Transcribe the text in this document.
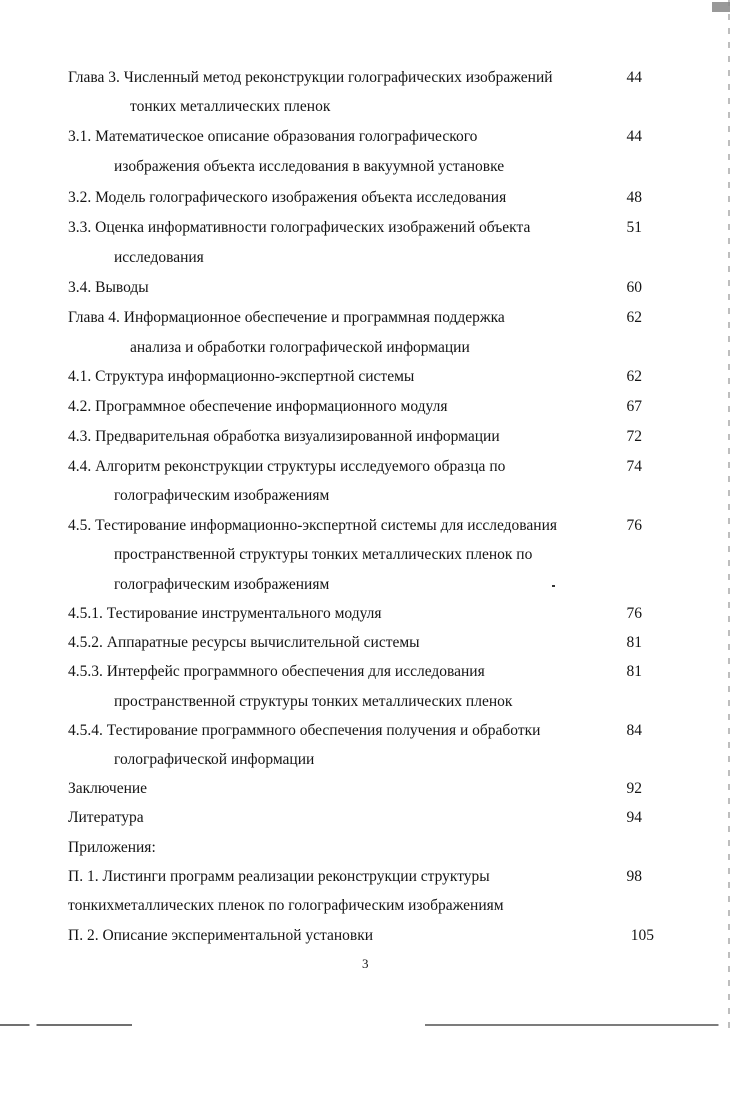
Глава 3. Численный метод реконструкции голографических изображений	44
тонких металлических пленок
3.1. Математическое описание образования голографического	44
изображения объекта исследования в вакуумной установке
3.2. Модель голографического изображения объекта исследования	48
3.3. Оценка информативности голографических изображений объекта	51
исследования
3.4. Выводы	60
Глава 4. Информационное обеспечение и программная поддержка	62
анализа и обработки голографической информации
4.1. Структура информационно-экспертной системы	62
4.2. Программное обеспечение информационного модуля	67
4.3. Предварительная обработка визуализированной информации	72
4.4. Алгоритм реконструкции структуры исследуемого образца по	74
голографическим изображениям
4.5. Тестирование информационно-экспертной системы для исследования	76
пространственной структуры тонких металлических пленок по
голографическим изображениям
4.5.1. Тестирование инструментального модуля	76
4.5.2. Аппаратные ресурсы вычислительной системы	81
4.5.3. Интерфейс программного обеспечения для исследования	81
пространственной структуры тонких металлических пленок
4.5.4. Тестирование программного обеспечения получения и обработки	84
голографической информации
Заключение	92
Литература	94
Приложения:
П. 1. Листинги программ реализации реконструкции структуры	98
тонкихметаллических пленок по голографическим изображениям
П. 2. Описание экспериментальной установки	105
3
